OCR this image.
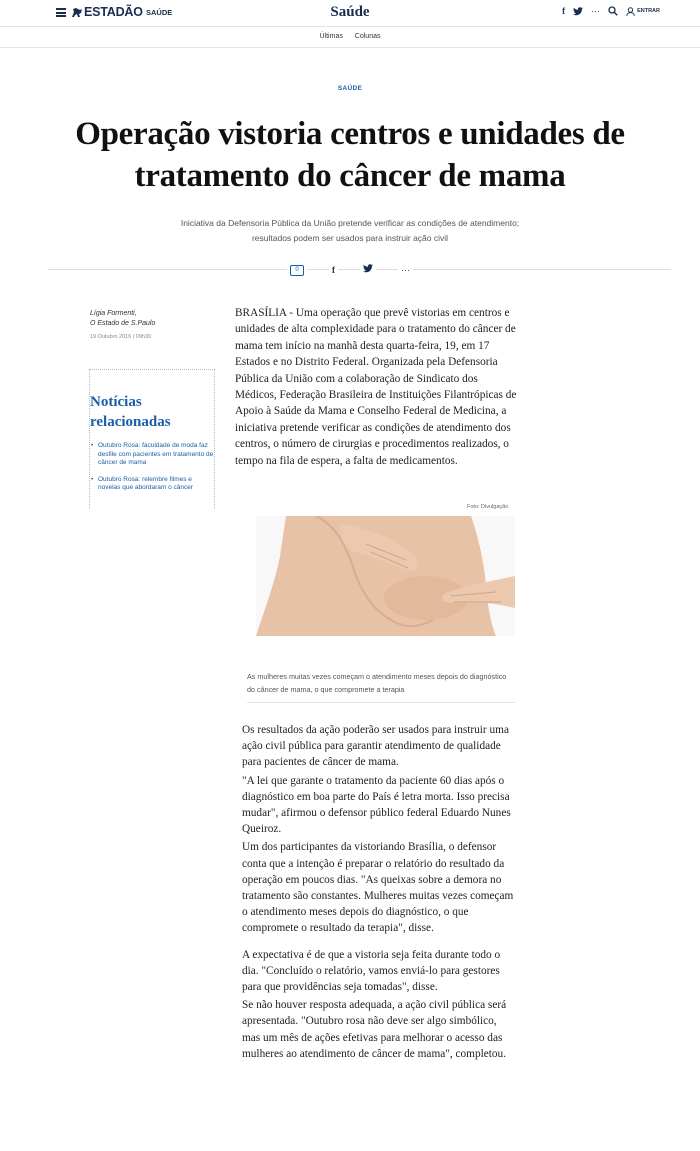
ESTADÃO SAÚDE	Saúde	f	···	ENTRAR
Últimas Colunas
SAÚDE
Operação vistoria centros e unidades de tratamento do câncer de mama

Iniciativa da Defensoria Pública da União pretende verificar as condições de atendimento; resultados podem ser usados para instruir ação civil

0	f	···
Lígia Formenti,
O Estado de S.Paulo
19 Outubro 2016 | 09h30
Notícias relacionadas
• Outubro Rosa: faculdade de moda faz desfile com pacientes em tratamento de câncer de mama
• Outubro Rosa: relembre filmes e novelas que abordaram o câncer

BRASÍLIA - Uma operação que prevê vistorias em centros e unidades de alta complexidade para o tratamento do câncer de mama tem início na manhã desta quarta-feira, 19, em 17 Estados e no Distrito Federal. Organizada pela Defensoria Pública da União com a colaboração de Sindicato dos Médicos, Federação Brasileira de Instituições Filantrópicas de Apoio à Saúde da Mama e Conselho Federal de Medicina, a iniciativa pretende verificar as condições de atendimento dos centros, o número de cirurgias e procedimentos realizados, o tempo na fila de espera, a falta de medicamentos.

Foto: Divulgação
As mulheres muitas vezes começam o atendimento meses depois do diagnóstico do câncer de mama, o que compromete a terapia

Os resultados da ação poderão ser usados para instruir uma ação civil pública para garantir atendimento de qualidade para pacientes de câncer de mama.

"A lei que garante o tratamento da paciente 60 dias após o diagnóstico em boa parte do País é letra morta. Isso precisa mudar", afirmou o defensor público federal Eduardo Nunes Queiroz.

Um dos participantes da vistoriando Brasília, o defensor conta que a intenção é preparar o relatório do resultado da operação em poucos dias. "As queixas sobre a demora no tratamento são constantes. Mulheres muitas vezes começam o atendimento meses depois do diagnóstico, o que compromete o resultado da terapia", disse.

A expectativa é de que a vistoria seja feita durante todo o dia. "Concluído o relatório, vamos enviá-lo para gestores para que providências seja tomadas", disse.

Se não houver resposta adequada, a ação civil pública será apresentada. "Outubro rosa não deve ser algo simbólico, mas um mês de ações efetivas para melhorar o acesso das mulheres ao atendimento de câncer de mama", completou.
